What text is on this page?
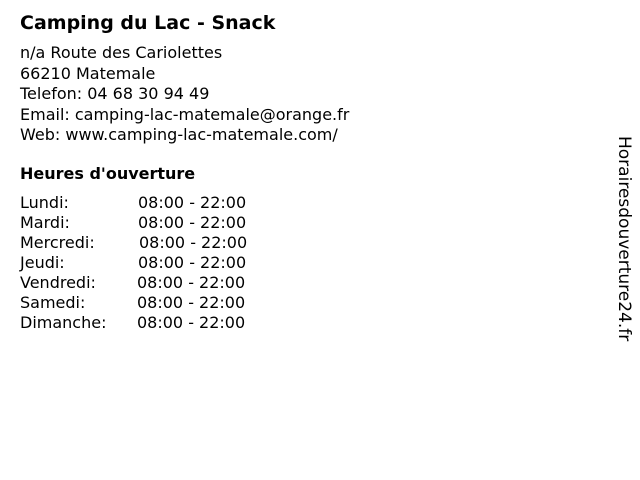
Camping du Lac - Snack
n/a Route des Cariolettes
66210 Matemale
Telefon: 04 68 30 94 49
Email: camping-lac-matemale@orange.fr
Web: www.camping-lac-matemale.com/
Heures d'ouverture
Lundi:	08:00 - 22:00
Mardi:	08:00 - 22:00
Mercredi:	08:00 - 22:00
Jeudi:	08:00 - 22:00
Vendredi:	08:00 - 22:00
Samedi:	08:00 - 22:00
Dimanche: 08:00 - 22:00	Horairesdouverture24.fr
